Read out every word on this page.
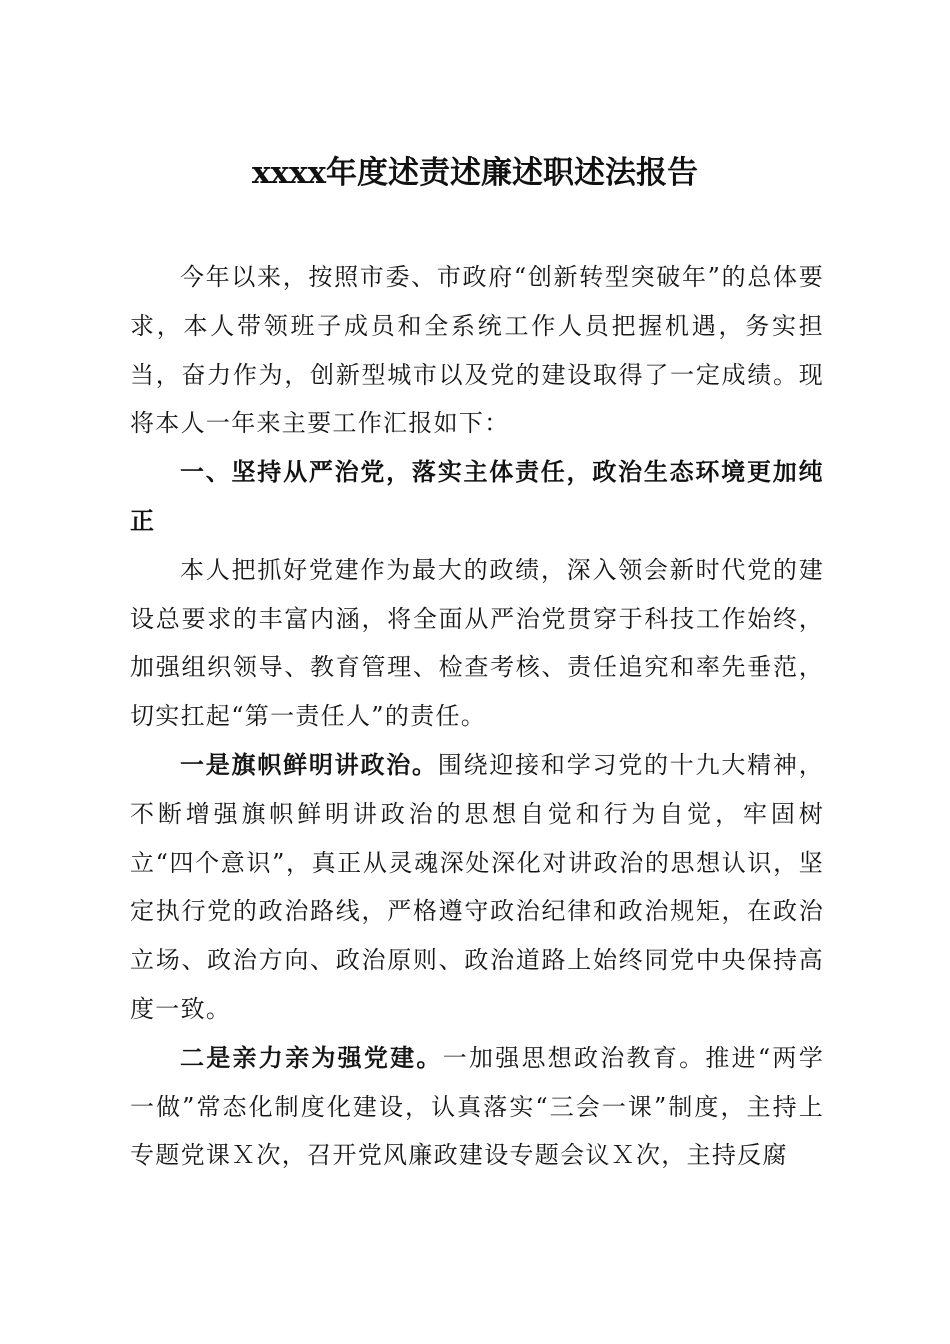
xxxx年度述责述廉述职述法报告

今年以来，按照市委、市政府“创新转型突破年”的总体要求，本人带领班子成员和全系统工作人员把握机遇，务实担当，奋力作为，创新型城市以及党的建设取得了一定成绩。现将本人一年来主要工作汇报如下：

一、坚持从严治党，落实主体责任，政治生态环境更加纯正

本人把抓好党建作为最大的政绩，深入领会新时代党的建设总要求的丰富内涵，将全面从严治党贯穿于科技工作始终，加强组织领导、教育管理、检查考核、责任追究和率先垂范，切实扛起“第一责任人”的责任。

一是旗帜鲜明讲政治。围绕迎接和学习党的十九大精神，不断增强旗帜鲜明讲政治的思想自觉和行为自觉，牢固树立“四个意识”，真正从灵魂深处深化对讲政治的思想认识，坚定执行党的政治路线，严格遵守政治纪律和政治规矩，在政治立场、政治方向、政治原则、政治道路上始终同党中央保持高度一致。

二是亲力亲为强党建。一加强思想政治教育。推进“两学一做”常态化制度化建设，认真落实“三会一课”制度，主持上专题党课Ｘ次，召开党风廉政建设专题会议Ｘ次，主持反腐
